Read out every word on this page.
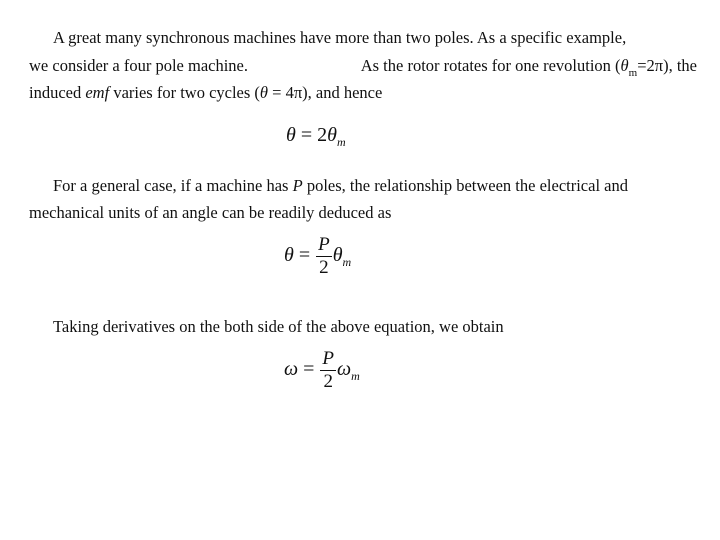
A great many synchronous machines have more than two poles. As a specific example,
we consider a four pole machine.	As the rotor rotates for one revolution $(\theta_m=2\pi)$, the
induced emf varies for two cycles (θ = 4π), and hence
$\theta = 2\theta_m$
For a general case, if a machine has P poles, the relationship between the electrical and
mechanical units of an angle can be readily deduced as
$\theta = \frac{P}{2} \theta_m$
Taking derivatives on the both side of the above equation, we obtain
$\omega = \frac{P}{2} \omega_m$
